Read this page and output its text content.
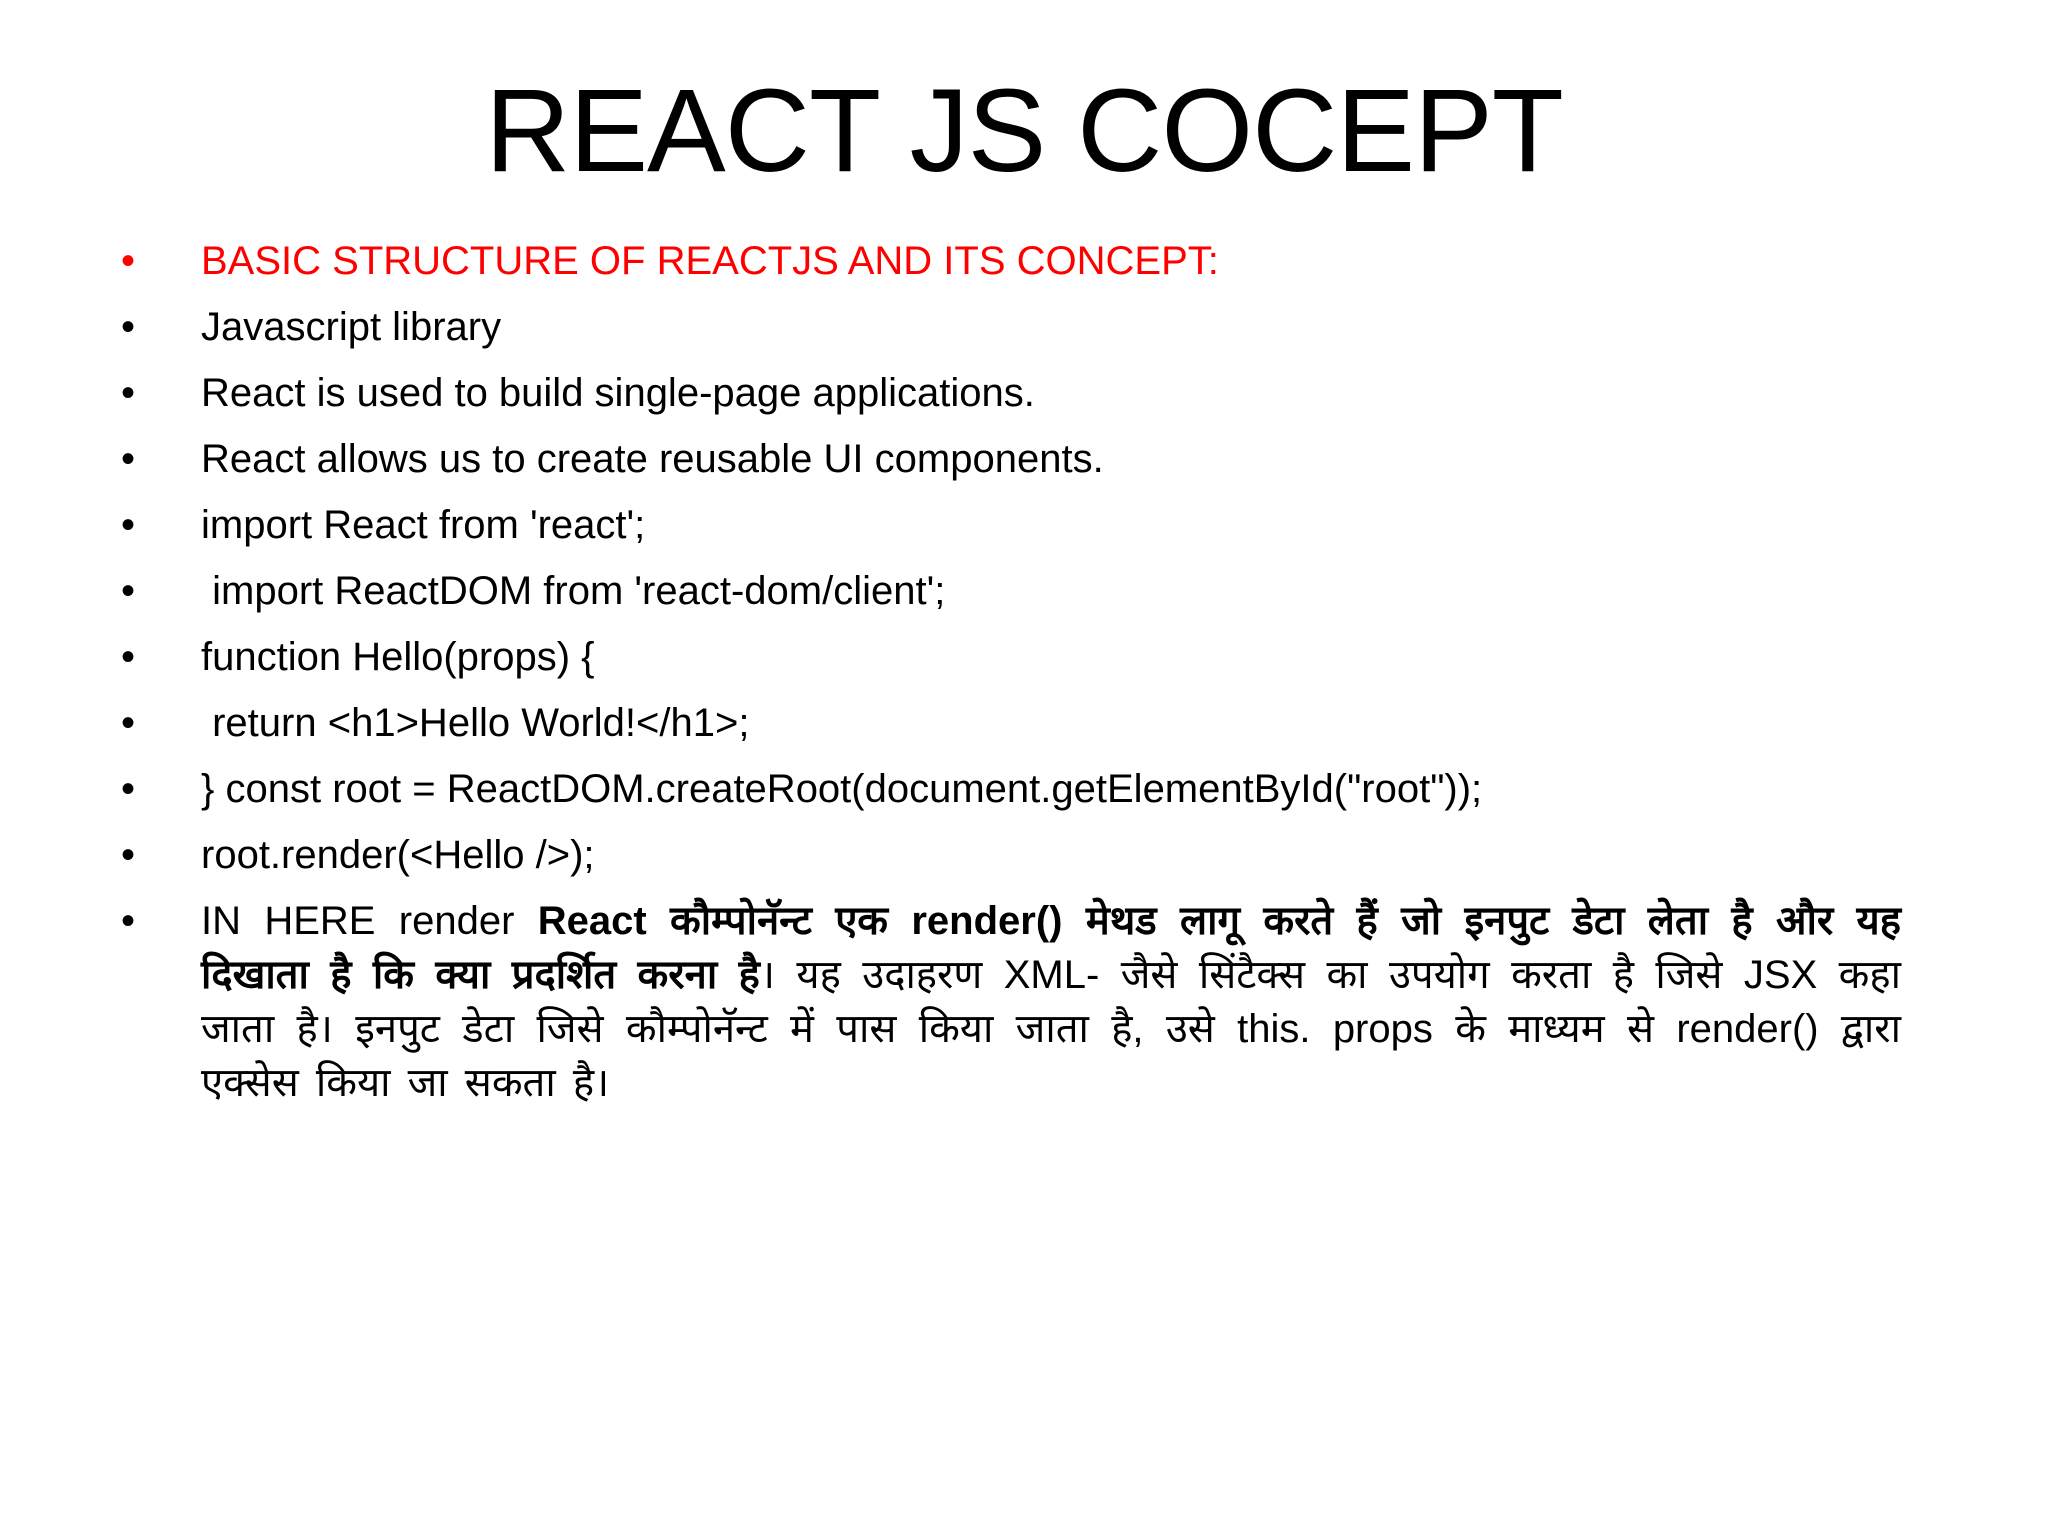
REACT JS COCEPT
•	BASIC STRUCTURE OF REACTJS AND ITS CONCEPT:
•	Javascript library
•	React is used to build single-page applications.
•	React allows us to create reusable UI components.
•	import React from 'react';
•	import ReactDOM from 'react-dom/client';
•	function Hello(props) {
•	return <h1>Hello World!</h1>;
•	} const root = ReactDOM.createRoot(document.getElementById("root"));
•	root.render(<Hello />);
•	IN HERE render React कौम्पोनॅन्ट एक render() मेथड लागू करते हैं जो इनपुट डेटा लेता है और यह दिखाता है कि क्या प्रदर्शित करना है। यह उदाहरण XML- जैसे सिंटैक्स का उपयोग करता है जिसे JSX कहा जाता है। इनपुट डेटा जिसे कौम्पोनॅन्ट में पास किया जाता है, उसे this. props के माध्यम से render() द्वारा एक्सेस किया जा सकता है।
